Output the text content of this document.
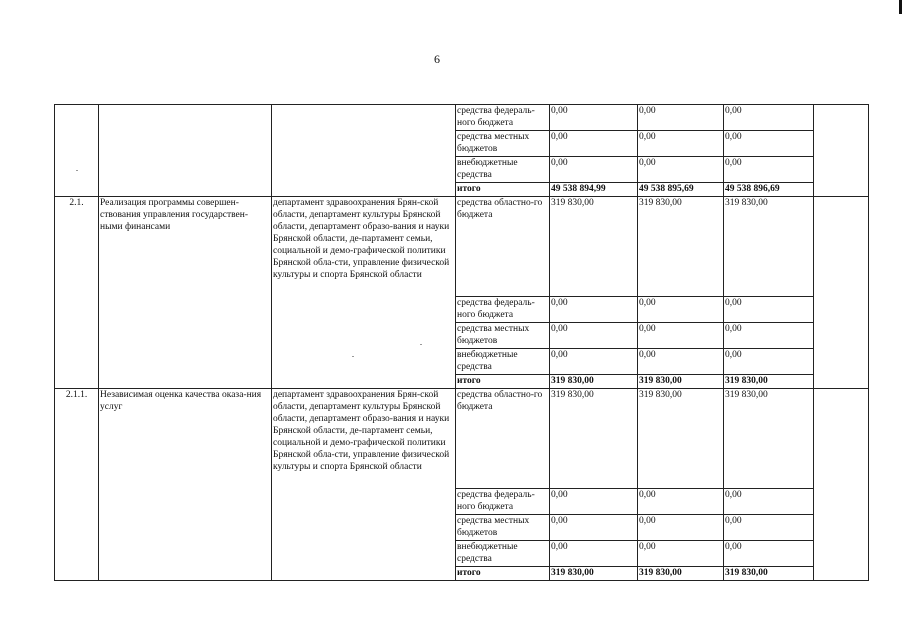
6
			средства федераль-ного бюджета	0,00	0,00	0,00	
			средства местных бюджетов	0,00	0,00	0,00	
			внебюджетные средства	0,00	0,00	0,00	
			итого	49 538 894,99	49 538 895,69	49 538 896,69	
2.1.	Реализация программы совершен-ствования управления государствен-ными финансами	департамент здравоохранения Брян-ской области, департамент культуры Брянской области, департамент образо-вания и науки Брянской области, де-партамент семьи, социальной и демо-графической политики Брянской обла-сти, управление физической культуры и спорта Брянской области	средства областно-го бюджета	319 830,00	319 830,00	319 830,00	
			средства федераль-ного бюджета	0,00	0,00	0,00	
			средства местных бюджетов	0,00	0,00	0,00	
			внебюджетные средства	0,00	0,00	0,00	
			итого	319 830,00	319 830,00	319 830,00	
2.1.1.	Независимая оценка качества оказа-ния услуг	департамент здравоохранения Брян-ской области, департамент культуры Брянской области, департамент образо-вания и науки Брянской области, де-партамент семьи, социальной и демо-графической политики Брянской обла-сти, управление физической культуры и спорта Брянской области	средства областно-го бюджета	319 830,00	319 830,00	319 830,00	
			средства федераль-ного бюджета	0,00	0,00	0,00	
			средства местных бюджетов	0,00	0,00	0,00	
			внебюджетные средства	0,00	0,00	0,00	
			итого	319 830,00	319 830,00	319 830,00	
